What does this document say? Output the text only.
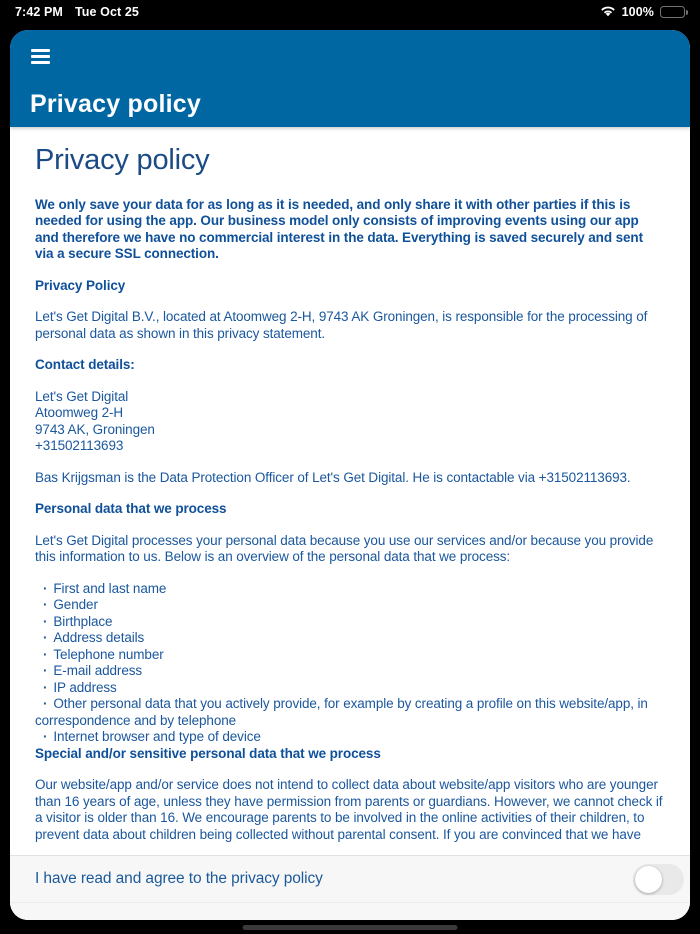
7:42 PM Tue Oct 25	100%
Privacy policy
Privacy policy

We only save your data for as long as it is needed, and only share it with other parties if this is needed for using the app. Our business model only consists of improving events using our app and therefore we have no commercial interest in the data. Everything is saved securely and sent via a secure SSL connection.

Privacy Policy

Let's Get Digital B.V., located at Atoomweg 2-H, 9743 AK Groningen, is responsible for the processing of personal data as shown in this privacy statement.

Contact details:
Let's Get Digital
Atoomweg 2-H
9743 AK, Groningen
+31502113693

Bas Krijgsman is the Data Protection Officer of Let's Get Digital. He is contactable via +31502113693.

Personal data that we process

Let's Get Digital processes your personal data because you use our services and/or because you provide this information to us. Below is an overview of the personal data that we process:

· First and last name
· Gender
· Birthplace
· Address details
· Telephone number
· E-mail address
· IP address
· Other personal data that you actively provide, for example by creating a profile on this website/app, in correspondence and by telephone
· Internet browser and type of device
Special and/or sensitive personal data that we process

Our website/app and/or service does not intend to collect data about website/app visitors who are younger than 16 years of age, unless they have permission from parents or guardians. However, we cannot check if a visitor is older than 16. We encourage parents to be involved in the online activities of their children, to prevent data about children being collected without parental consent. If you are convinced that we have

I have read and agree to the privacy policy
